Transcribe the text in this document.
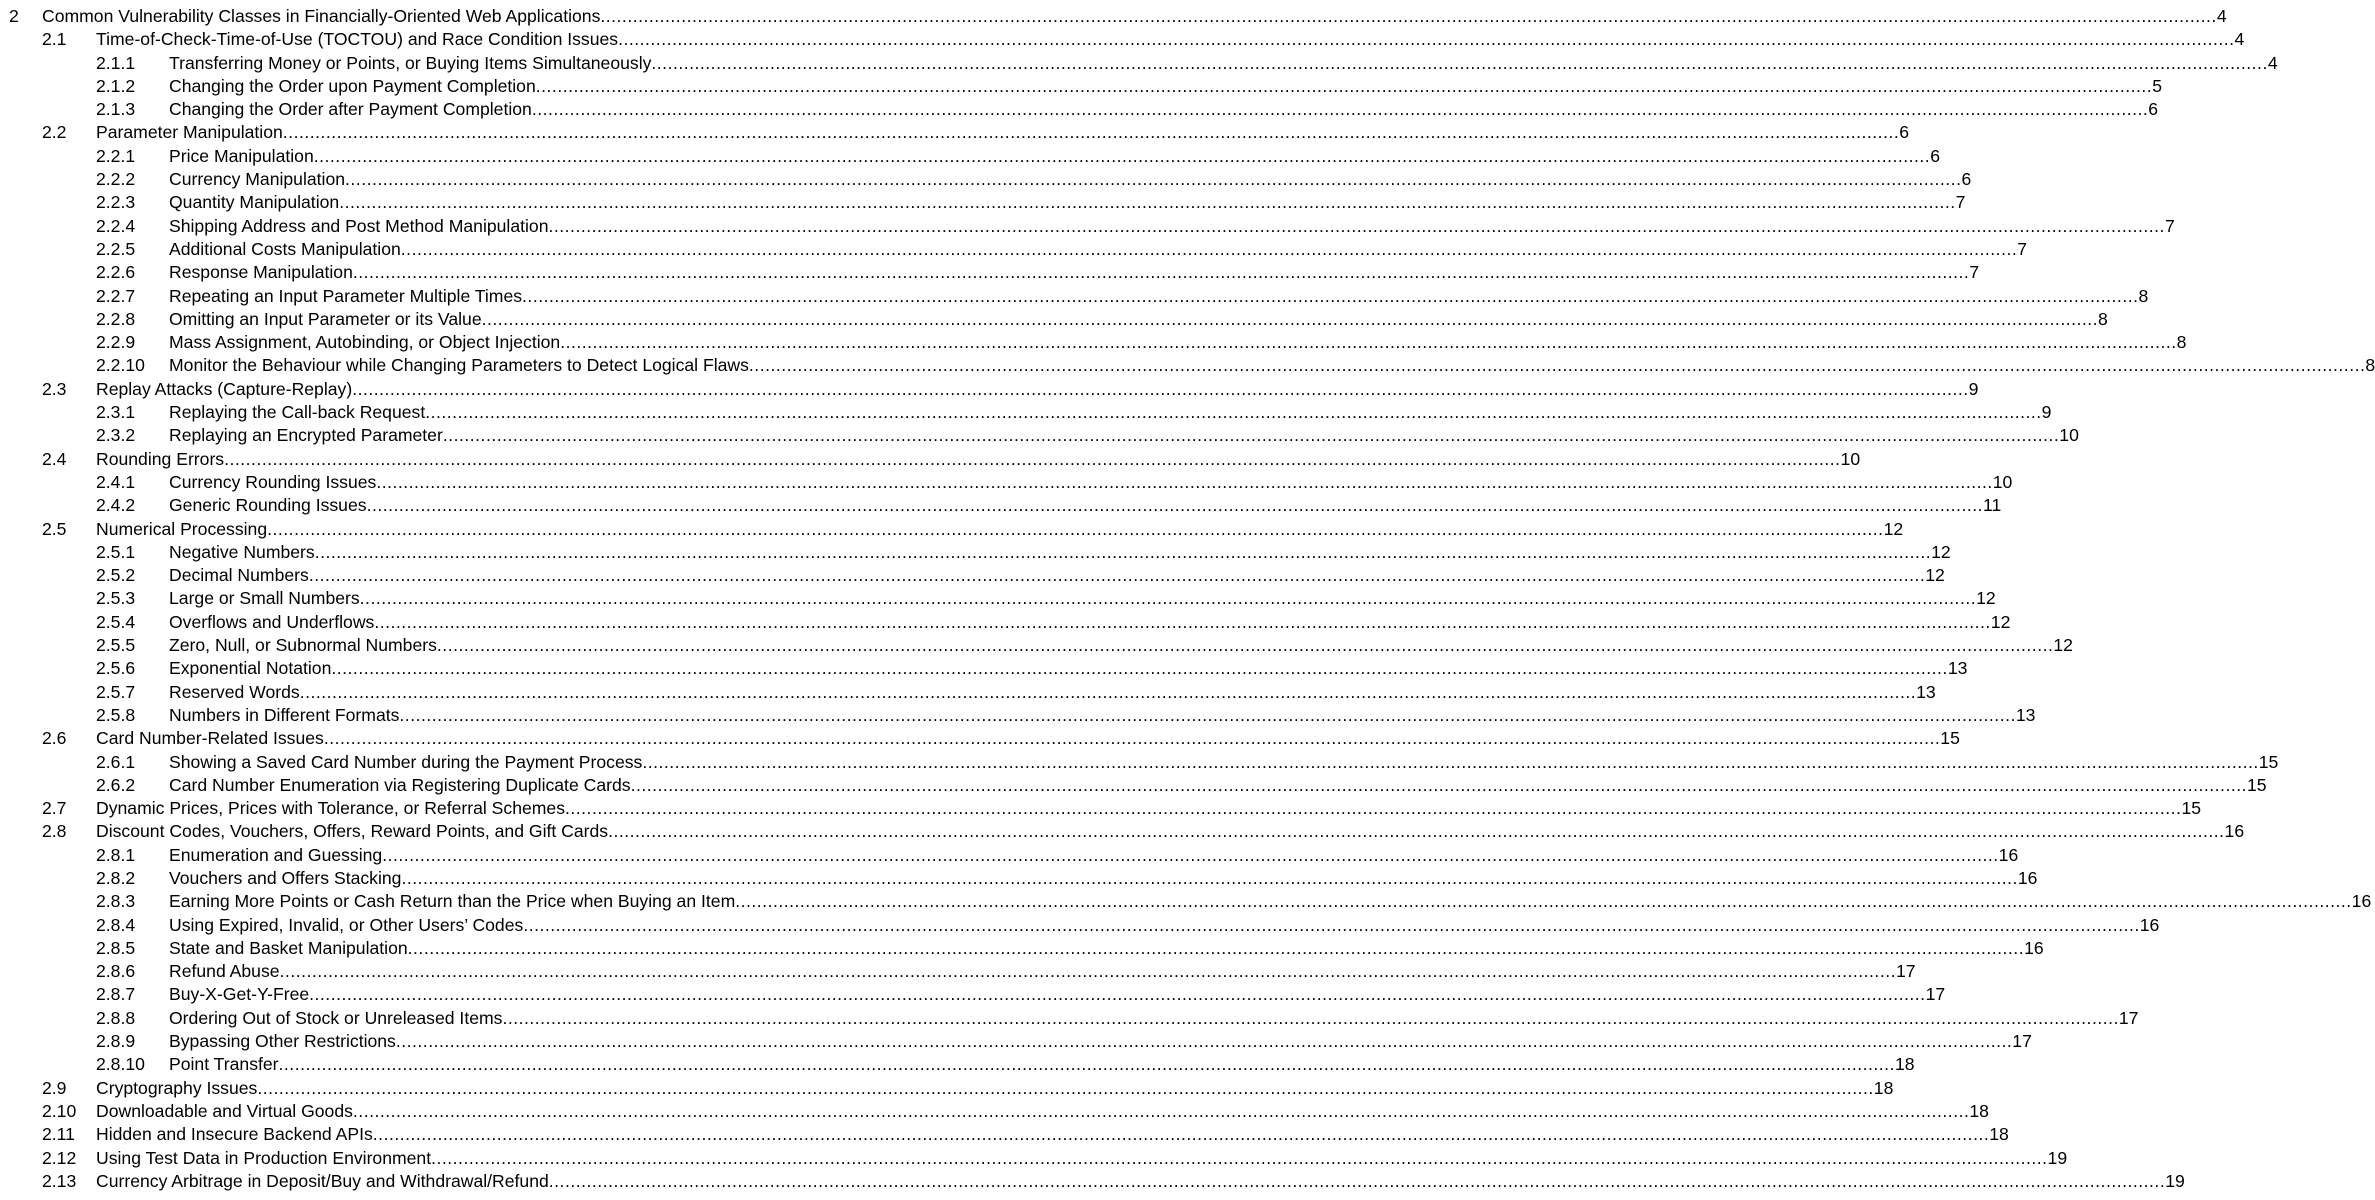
2 Common Vulnerability Classes in Financially-Oriented Web Applications ............................................................................................................................................................................................................................................................................................................ 4
2.1 Time-of-Check-Time-of-Use (TOCTOU) and Race Condition Issues ............................................................................................................................................................................................................................................................................................................ 4
2.1.1 Transferring Money or Points, or Buying Items Simultaneously ............................................................................................................................................................................................................................................................................................................ 4
2.1.2 Changing the Order upon Payment Completion ............................................................................................................................................................................................................................................................................................................ 5
2.1.3 Changing the Order after Payment Completion ............................................................................................................................................................................................................................................................................................................ 6
2.2 Parameter Manipulation ............................................................................................................................................................................................................................................................................................................ 6
2.2.1 Price Manipulation ............................................................................................................................................................................................................................................................................................................ 6
2.2.2 Currency Manipulation ............................................................................................................................................................................................................................................................................................................ 6
2.2.3 Quantity Manipulation ............................................................................................................................................................................................................................................................................................................ 7
2.2.4 Shipping Address and Post Method Manipulation ............................................................................................................................................................................................................................................................................................................ 7
2.2.5 Additional Costs Manipulation ............................................................................................................................................................................................................................................................................................................ 7
2.2.6 Response Manipulation ............................................................................................................................................................................................................................................................................................................ 7
2.2.7 Repeating an Input Parameter Multiple Times ............................................................................................................................................................................................................................................................................................................ 8
2.2.8 Omitting an Input Parameter or its Value ............................................................................................................................................................................................................................................................................................................ 8
2.2.9 Mass Assignment, Autobinding, or Object Injection ............................................................................................................................................................................................................................................................................................................ 8
2.2.10 Monitor the Behaviour while Changing Parameters to Detect Logical Flaws ............................................................................................................................................................................................................................................................................................................ 8
2.3 Replay Attacks (Capture-Replay) ............................................................................................................................................................................................................................................................................................................ 9
2.3.1 Replaying the Call-back Request ............................................................................................................................................................................................................................................................................................................ 9
2.3.2 Replaying an Encrypted Parameter ............................................................................................................................................................................................................................................................................................................ 10
2.4 Rounding Errors ............................................................................................................................................................................................................................................................................................................ 10
2.4.1 Currency Rounding Issues ............................................................................................................................................................................................................................................................................................................ 10
2.4.2 Generic Rounding Issues ............................................................................................................................................................................................................................................................................................................ 11
2.5 Numerical Processing ............................................................................................................................................................................................................................................................................................................ 12
2.5.1 Negative Numbers ............................................................................................................................................................................................................................................................................................................ 12
2.5.2 Decimal Numbers ............................................................................................................................................................................................................................................................................................................ 12
2.5.3 Large or Small Numbers ............................................................................................................................................................................................................................................................................................................ 12
2.5.4 Overflows and Underflows ............................................................................................................................................................................................................................................................................................................ 12
2.5.5 Zero, Null, or Subnormal Numbers ............................................................................................................................................................................................................................................................................................................ 12
2.5.6 Exponential Notation ............................................................................................................................................................................................................................................................................................................ 13
2.5.7 Reserved Words ............................................................................................................................................................................................................................................................................................................ 13
2.5.8 Numbers in Different Formats ............................................................................................................................................................................................................................................................................................................ 13
2.6 Card Number-Related Issues ............................................................................................................................................................................................................................................................................................................ 15
2.6.1 Showing a Saved Card Number during the Payment Process ............................................................................................................................................................................................................................................................................................................ 15
2.6.2 Card Number Enumeration via Registering Duplicate Cards ............................................................................................................................................................................................................................................................................................................ 15
2.7 Dynamic Prices, Prices with Tolerance, or Referral Schemes ............................................................................................................................................................................................................................................................................................................ 15
2.8 Discount Codes, Vouchers, Offers, Reward Points, and Gift Cards ............................................................................................................................................................................................................................................................................................................ 16
2.8.1 Enumeration and Guessing ............................................................................................................................................................................................................................................................................................................ 16
2.8.2 Vouchers and Offers Stacking ............................................................................................................................................................................................................................................................................................................ 16
2.8.3 Earning More Points or Cash Return than the Price when Buying an Item ............................................................................................................................................................................................................................................................................................................ 16
2.8.4 Using Expired, Invalid, or Other Users’ Codes ............................................................................................................................................................................................................................................................................................................ 16
2.8.5 State and Basket Manipulation ............................................................................................................................................................................................................................................................................................................ 16
2.8.6 Refund Abuse ............................................................................................................................................................................................................................................................................................................ 17
2.8.7 Buy-X-Get-Y-Free ............................................................................................................................................................................................................................................................................................................ 17
2.8.8 Ordering Out of Stock or Unreleased Items ............................................................................................................................................................................................................................................................................................................ 17
2.8.9 Bypassing Other Restrictions ............................................................................................................................................................................................................................................................................................................ 17
2.8.10 Point Transfer ............................................................................................................................................................................................................................................................................................................ 18
2.9 Cryptography Issues ............................................................................................................................................................................................................................................................................................................ 18
2.10 Downloadable and Virtual Goods ............................................................................................................................................................................................................................................................................................................ 18
2.11 Hidden and Insecure Backend APIs ............................................................................................................................................................................................................................................................................................................ 18
2.12 Using Test Data in Production Environment ............................................................................................................................................................................................................................................................................................................ 19
2.13 Currency Arbitrage in Deposit/Buy and Withdrawal/Refund ............................................................................................................................................................................................................................................................................................................ 19
